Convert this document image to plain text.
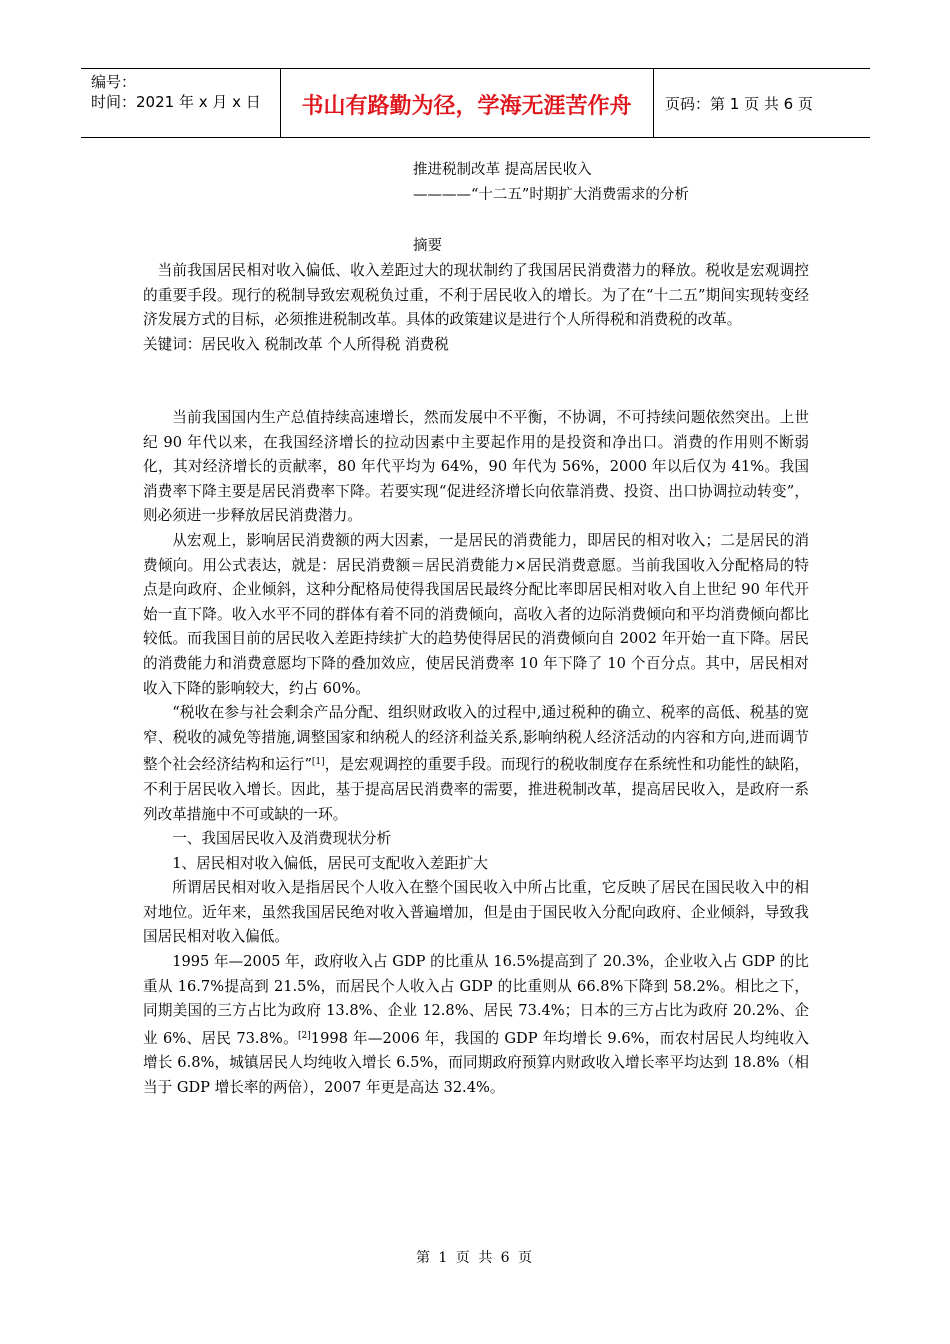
编号：
时间：2021 年 x 月 x 日	书山有路勤为径，学海无涯苦作舟	页码：第 1 页 共 6 页
推进税制改革 提高居民收入
————“十二五”时期扩大消费需求的分析
摘要

当前我国居民相对收入偏低、收入差距过大的现状制约了我国居民消费潜力的释放。税收是宏观调控的重要手段。现行的税制导致宏观税负过重，不利于居民收入的增长。为了在“十二五”期间实现转变经济发展方式的目标，必须推进税制改革。具体的政策建议是进行个人所得税和消费税的改革。

关键词：居民收入 税制改革 个人所得税 消费税

当前我国国内生产总值持续高速增长，然而发展中不平衡，不协调，不可持续问题依然突出。上世纪 90 年代以来，在我国经济增长的拉动因素中主要起作用的是投资和净出口。消费的作用则不断弱化，其对经济增长的贡献率，80 年代平均为 64%，90 年代为 56%，2000 年以后仅为 41%。我国消费率下降主要是居民消费率下降。若要实现“促进经济增长向依靠消费、投资、出口协调拉动转变”，则必须进一步释放居民消费潜力。

从宏观上，影响居民消费额的两大因素，一是居民的消费能力，即居民的相对收入；二是居民的消费倾向。用公式表达，就是：居民消费额＝居民消费能力×居民消费意愿。当前我国收入分配格局的特点是向政府、企业倾斜，这种分配格局使得我国居民最终分配比率即居民相对收入自上世纪 90 年代开始一直下降。收入水平不同的群体有着不同的消费倾向，高收入者的边际消费倾向和平均消费倾向都比较低。而我国目前的居民收入差距持续扩大的趋势使得居民的消费倾向自 2002 年开始一直下降。居民的消费能力和消费意愿均下降的叠加效应，使居民消费率 10 年下降了 10 个百分点。其中，居民相对收入下降的影响较大，约占 60%。

“税收在参与社会剩余产品分配、组织财政收入的过程中,通过税种的确立、税率的高低、税基的宽窄、税收的减免等措施,调整国家和纳税人的经济利益关系,影响纳税人经济活动的内容和方向,进而调节整个社会经济结构和运行”[1]，是宏观调控的重要手段。而现行的税收制度存在系统性和功能性的缺陷，不利于居民收入增长。因此，基于提高居民消费率的需要，推进税制改革，提高居民收入，是政府一系列改革措施中不可或缺的一环。

一、我国居民收入及消费现状分析

1、居民相对收入偏低，居民可支配收入差距扩大

所谓居民相对收入是指居民个人收入在整个国民收入中所占比重，它反映了居民在国民收入中的相对地位。近年来，虽然我国居民绝对收入普遍增加，但是由于国民收入分配向政府、企业倾斜，导致我国居民相对收入偏低。

1995 年—2005 年，政府收入占 GDP 的比重从 16.5%提高到了 20.3%，企业收入占 GDP 的比重从 16.7%提高到 21.5%，而居民个人收入占 GDP 的比重则从 66.8%下降到 58.2%。相比之下，同期美国的三方占比为政府 13.8%、企业 12.8%、居民 73.4%；日本的三方占比为政府 20.2%、企业 6%、居民 73.8%。[2]1998 年—2006 年，我国的 GDP 年均增长 9.6%，而农村居民人均纯收入增长 6.8%，城镇居民人均纯收入增长 6.5%，而同期政府预算内财政收入增长率平均达到 18.8%（相当于 GDP 增长率的两倍），2007 年更是高达 32.4%。

第 1 页 共 6 页
